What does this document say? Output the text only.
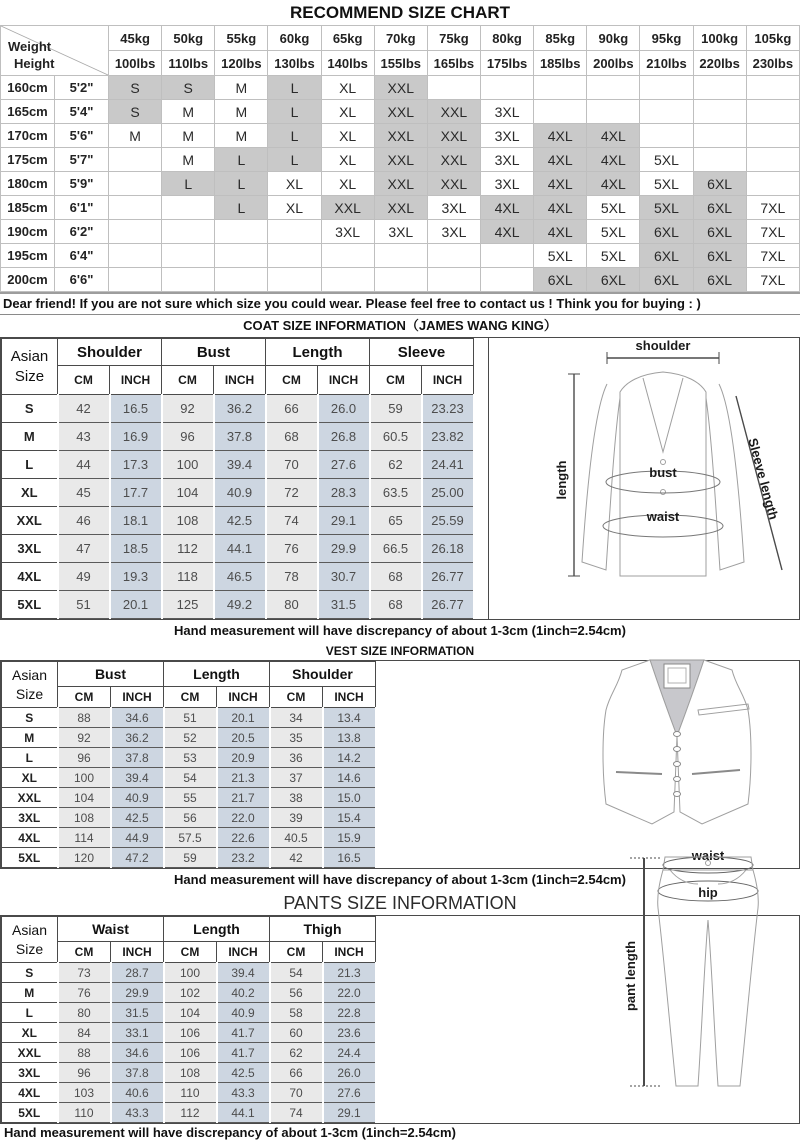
RECOMMEND SIZE CHART
Weight
Height		45kg	50kg	55kg	60kg	65kg	70kg	75kg	80kg	85kg	90kg	95kg	100kg	105kg
		100lbs	110lbs	120lbs	130lbs	140lbs	155lbs	165lbs	175lbs	185lbs	200lbs	210lbs	220lbs	230lbs
160cm	5'2"	S	S	M	L	XL	XXL							
165cm	5'4"	S	M	M	L	XL	XXL	XXL	3XL					
170cm	5'6"	M	M	M	L	XL	XXL	XXL	3XL	4XL	4XL			
175cm	5'7"		M	L	L	XL	XXL	XXL	3XL	4XL	4XL	5XL		
180cm	5'9"		L	L	XL	XL	XXL	XXL	3XL	4XL	4XL	5XL	6XL	
185cm	6'1"			L	XL	XXL	XXL	3XL	4XL	4XL	5XL	5XL	6XL	7XL
190cm	6'2"					3XL	3XL	3XL	4XL	4XL	5XL	6XL	6XL	7XL
195cm	6'4"									5XL	5XL	6XL	6XL	7XL
200cm	6'6"									6XL	6XL	6XL	6XL	7XL
Dear friend! If you are not sure which size you could wear. Please feel free to contact us ! Think you for buying : )
COAT SIZE INFORMATION（JAMES WANG KING）
Asian
Size	Shoulder		Bust		Length		Sleeve	
	CM	INCH	CM	INCH	CM	INCH	CM	INCH
S	42	16.5	92	36.2	66	26.0	59	23.23
M	43	16.9	96	37.8	68	26.8	60.5	23.82
L	44	17.3	100	39.4	70	27.6	62	24.41
XL	45	17.7	104	40.9	72	28.3	63.5	25.00
XXL	46	18.1	108	42.5	74	29.1	65	25.59
3XL	47	18.5	112	44.1	76	29.9	66.5	26.18
4XL	49	19.3	118	46.5	78	30.7	68	26.77
5XL	51	20.1	125	49.2	80	31.5	68	26.77
Hand measurement will have discrepancy of about 1-3cm (1inch=2.54cm)
VEST SIZE INFORMATION
Asian
Size	Bust		Length		Shoulder	
	CM	INCH	CM	INCH	CM	INCH
S	88	34.6	51	20.1	34	13.4
M	92	36.2	52	20.5	35	13.8
L	96	37.8	53	20.9	36	14.2
XL	100	39.4	54	21.3	37	14.6
XXL	104	40.9	55	21.7	38	15.0
3XL	108	42.5	56	22.0	39	15.4
4XL	114	44.9	57.5	22.6	40.5	15.9
5XL	120	47.2	59	23.2	42	16.5
Hand measurement will have discrepancy of about 1-3cm (1inch=2.54cm)
PANTS SIZE INFORMATION
Asian
Size	Waist		Length		Thigh	
	CM	INCH	CM	INCH	CM	INCH
S	73	28.7	100	39.4	54	21.3
M	76	29.9	102	40.2	56	22.0
L	80	31.5	104	40.9	58	22.8
XL	84	33.1	106	41.7	60	23.6
XXL	88	34.6	106	41.7	62	24.4
3XL	96	37.8	108	42.5	66	26.0
4XL	103	40.6	110	43.3	70	27.6
5XL	110	43.3	112	44.1	74	29.1
Hand measurement will have discrepancy of about 1-3cm (1inch=2.54cm)
shoulder
length	bust
waist	Sleeve length
pant length
waist
hip
